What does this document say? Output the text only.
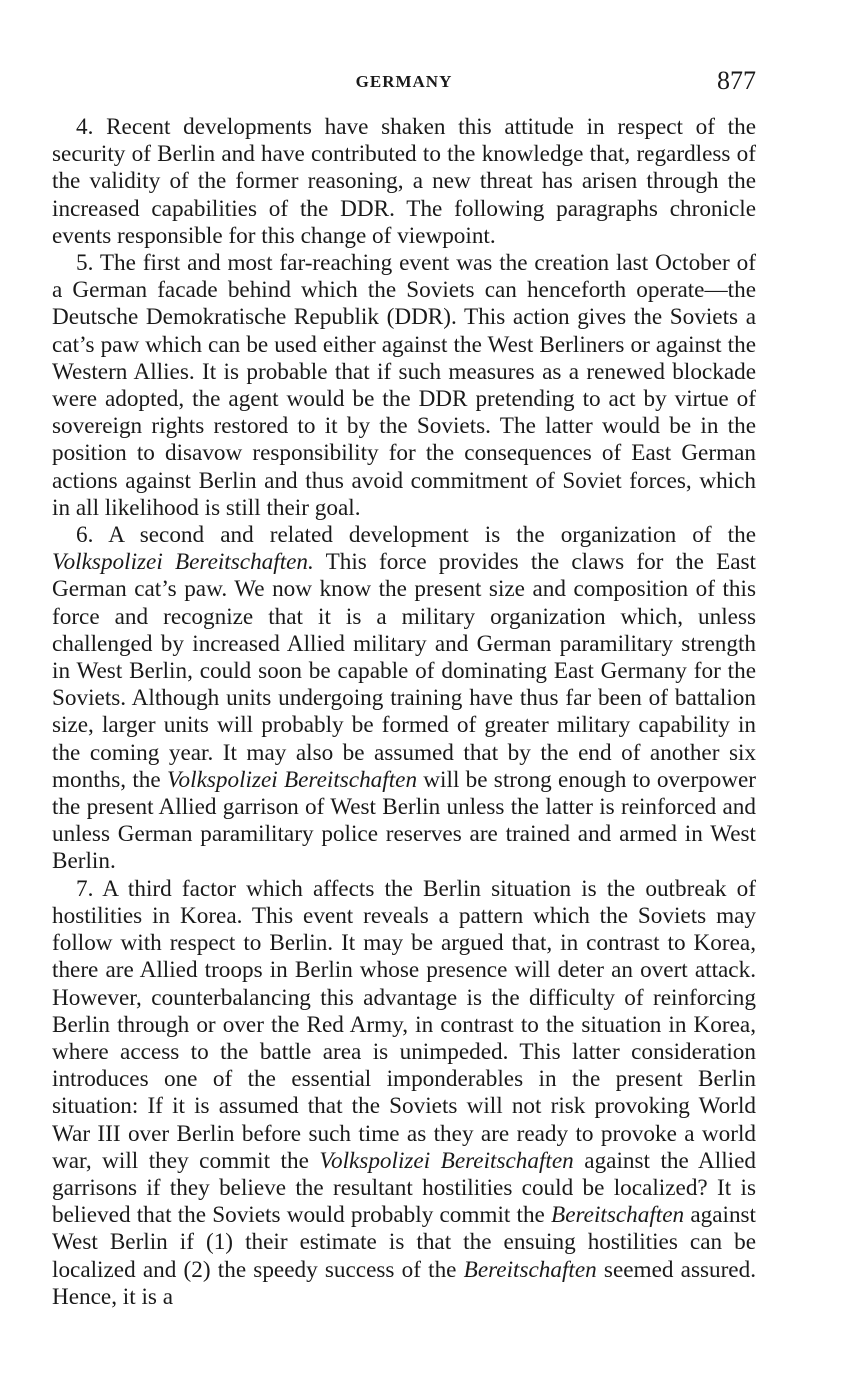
GERMANY	877

4. Recent developments have shaken this attitude in respect of the security of Berlin and have contributed to the knowledge that, regardless of the validity of the former reasoning, a new threat has arisen through the increased capabilities of the DDR. The following paragraphs chronicle events responsible for this change of viewpoint.

5. The first and most far-reaching event was the creation last October of a German facade behind which the Soviets can henceforth operate—the Deutsche Demokratische Republik (DDR). This action gives the Soviets a cat’s paw which can be used either against the West Berliners or against the Western Allies. It is probable that if such measures as a renewed blockade were adopted, the agent would be the DDR pretending to act by virtue of sovereign rights restored to it by the Soviets. The latter would be in the position to disavow responsibility for the consequences of East German actions against Berlin and thus avoid commitment of Soviet forces, which in all likelihood is still their goal.

6. A second and related development is the organization of the Volkspolizei Bereitschaften. This force provides the claws for the East German cat’s paw. We now know the present size and composition of this force and recognize that it is a military organization which, unless challenged by increased Allied military and German paramilitary strength in West Berlin, could soon be capable of dominating East Germany for the Soviets. Although units undergoing training have thus far been of battalion size, larger units will probably be formed of greater military capability in the coming year. It may also be assumed that by the end of another six months, the Volkspolizei Bereitschaften will be strong enough to overpower the present Allied garrison of West Berlin unless the latter is reinforced and unless German paramilitary police reserves are trained and armed in West Berlin.

7. A third factor which affects the Berlin situation is the outbreak of hostilities in Korea. This event reveals a pattern which the Soviets may follow with respect to Berlin. It may be argued that, in contrast to Korea, there are Allied troops in Berlin whose presence will deter an overt attack. However, counterbalancing this advantage is the difficulty of reinforcing Berlin through or over the Red Army, in contrast to the situation in Korea, where access to the battle area is unimpeded. This latter consideration introduces one of the essential imponderables in the present Berlin situation: If it is assumed that the Soviets will not risk provoking World War III over Berlin before such time as they are ready to provoke a world war, will they commit the Volkspolizei Bereitschaften against the Allied garrisons if they believe the resultant hostilities could be localized? It is believed that the Soviets would probably commit the Bereitschaften against West Berlin if (1) their estimate is that the ensuing hostilities can be localized and (2) the speedy success of the Bereitschaften seemed assured. Hence, it is a
